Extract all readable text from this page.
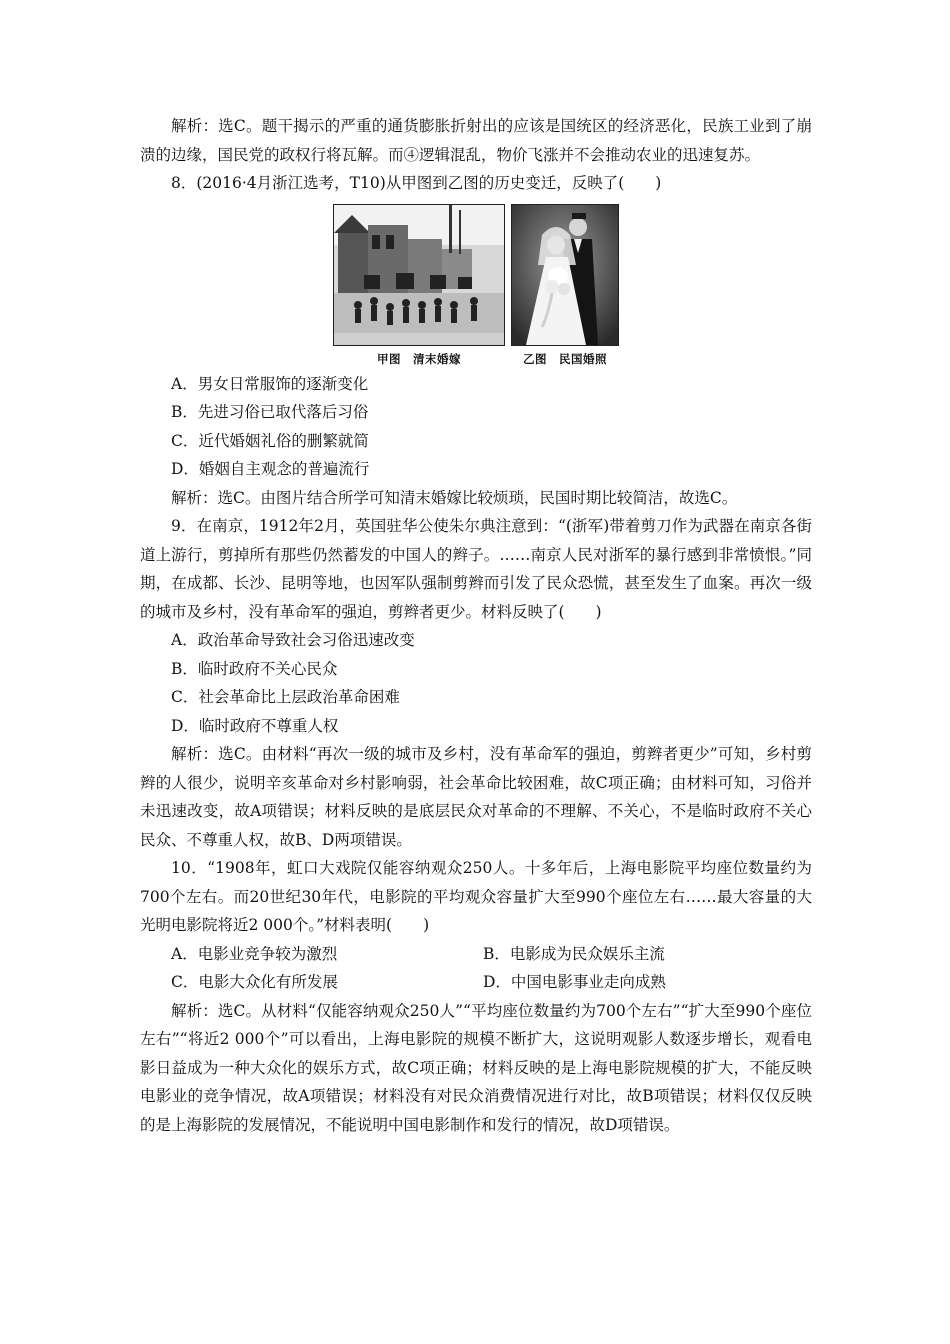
解析：选C。题干揭示的严重的通货膨胀折射出的应该是国统区的经济恶化，民族工业到了崩溃的边缘，国民党的政权行将瓦解。而④逻辑混乱，物价飞涨并不会推动农业的迅速复苏。

8．(2016·4月浙江选考，T10)从甲图到乙图的历史变迁，反映了(　　)

甲图　清末婚嫁	乙图　民国婚照

A．男女日常服饰的逐渐变化

B．先进习俗已取代落后习俗

C．近代婚姻礼俗的删繁就简

D．婚姻自主观念的普遍流行

解析：选C。由图片结合所学可知清末婚嫁比较烦琐，民国时期比较简洁，故选C。

9．在南京，1912年2月，英国驻华公使朱尔典注意到：“(浙军)带着剪刀作为武器在南京各街道上游行，剪掉所有那些仍然蓄发的中国人的辫子。……南京人民对浙军的暴行感到非常愤恨。”同期，在成都、长沙、昆明等地，也因军队强制剪辫而引发了民众恐慌，甚至发生了血案。再次一级的城市及乡村，没有革命军的强迫，剪辫者更少。材料反映了(　　)

A．政治革命导致社会习俗迅速改变

B．临时政府不关心民众

C．社会革命比上层政治革命困难

D．临时政府不尊重人权

解析：选C。由材料“再次一级的城市及乡村，没有革命军的强迫，剪辫者更少”可知，乡村剪辫的人很少，说明辛亥革命对乡村影响弱，社会革命比较困难，故C项正确；由材料可知，习俗并未迅速改变，故A项错误；材料反映的是底层民众对革命的不理解、不关心，不是临时政府不关心民众、不尊重人权，故B、D两项错误。

10．“1908年，虹口大戏院仅能容纳观众250人。十多年后，上海电影院平均座位数量约为700个左右。而20世纪30年代，电影院的平均观众容量扩大至990个座位左右……最大容量的大光明电影院将近2 000个。”材料表明(　　)

A．电影业竞争较为激烈	B．电影成为民众娱乐主流
C．电影大众化有所发展	D．中国电影事业走向成熟

解析：选C。从材料“仅能容纳观众250人”“平均座位数量约为700个左右”“扩大至990个座位左右”“将近2 000个”可以看出，上海电影院的规模不断扩大，这说明观影人数逐步增长，观看电影日益成为一种大众化的娱乐方式，故C项正确；材料反映的是上海电影院规模的扩大，不能反映电影业的竞争情况，故A项错误；材料没有对民众消费情况进行对比，故B项错误；材料仅仅反映的是上海影院的发展情况，不能说明中国电影制作和发行的情况，故D项错误。
